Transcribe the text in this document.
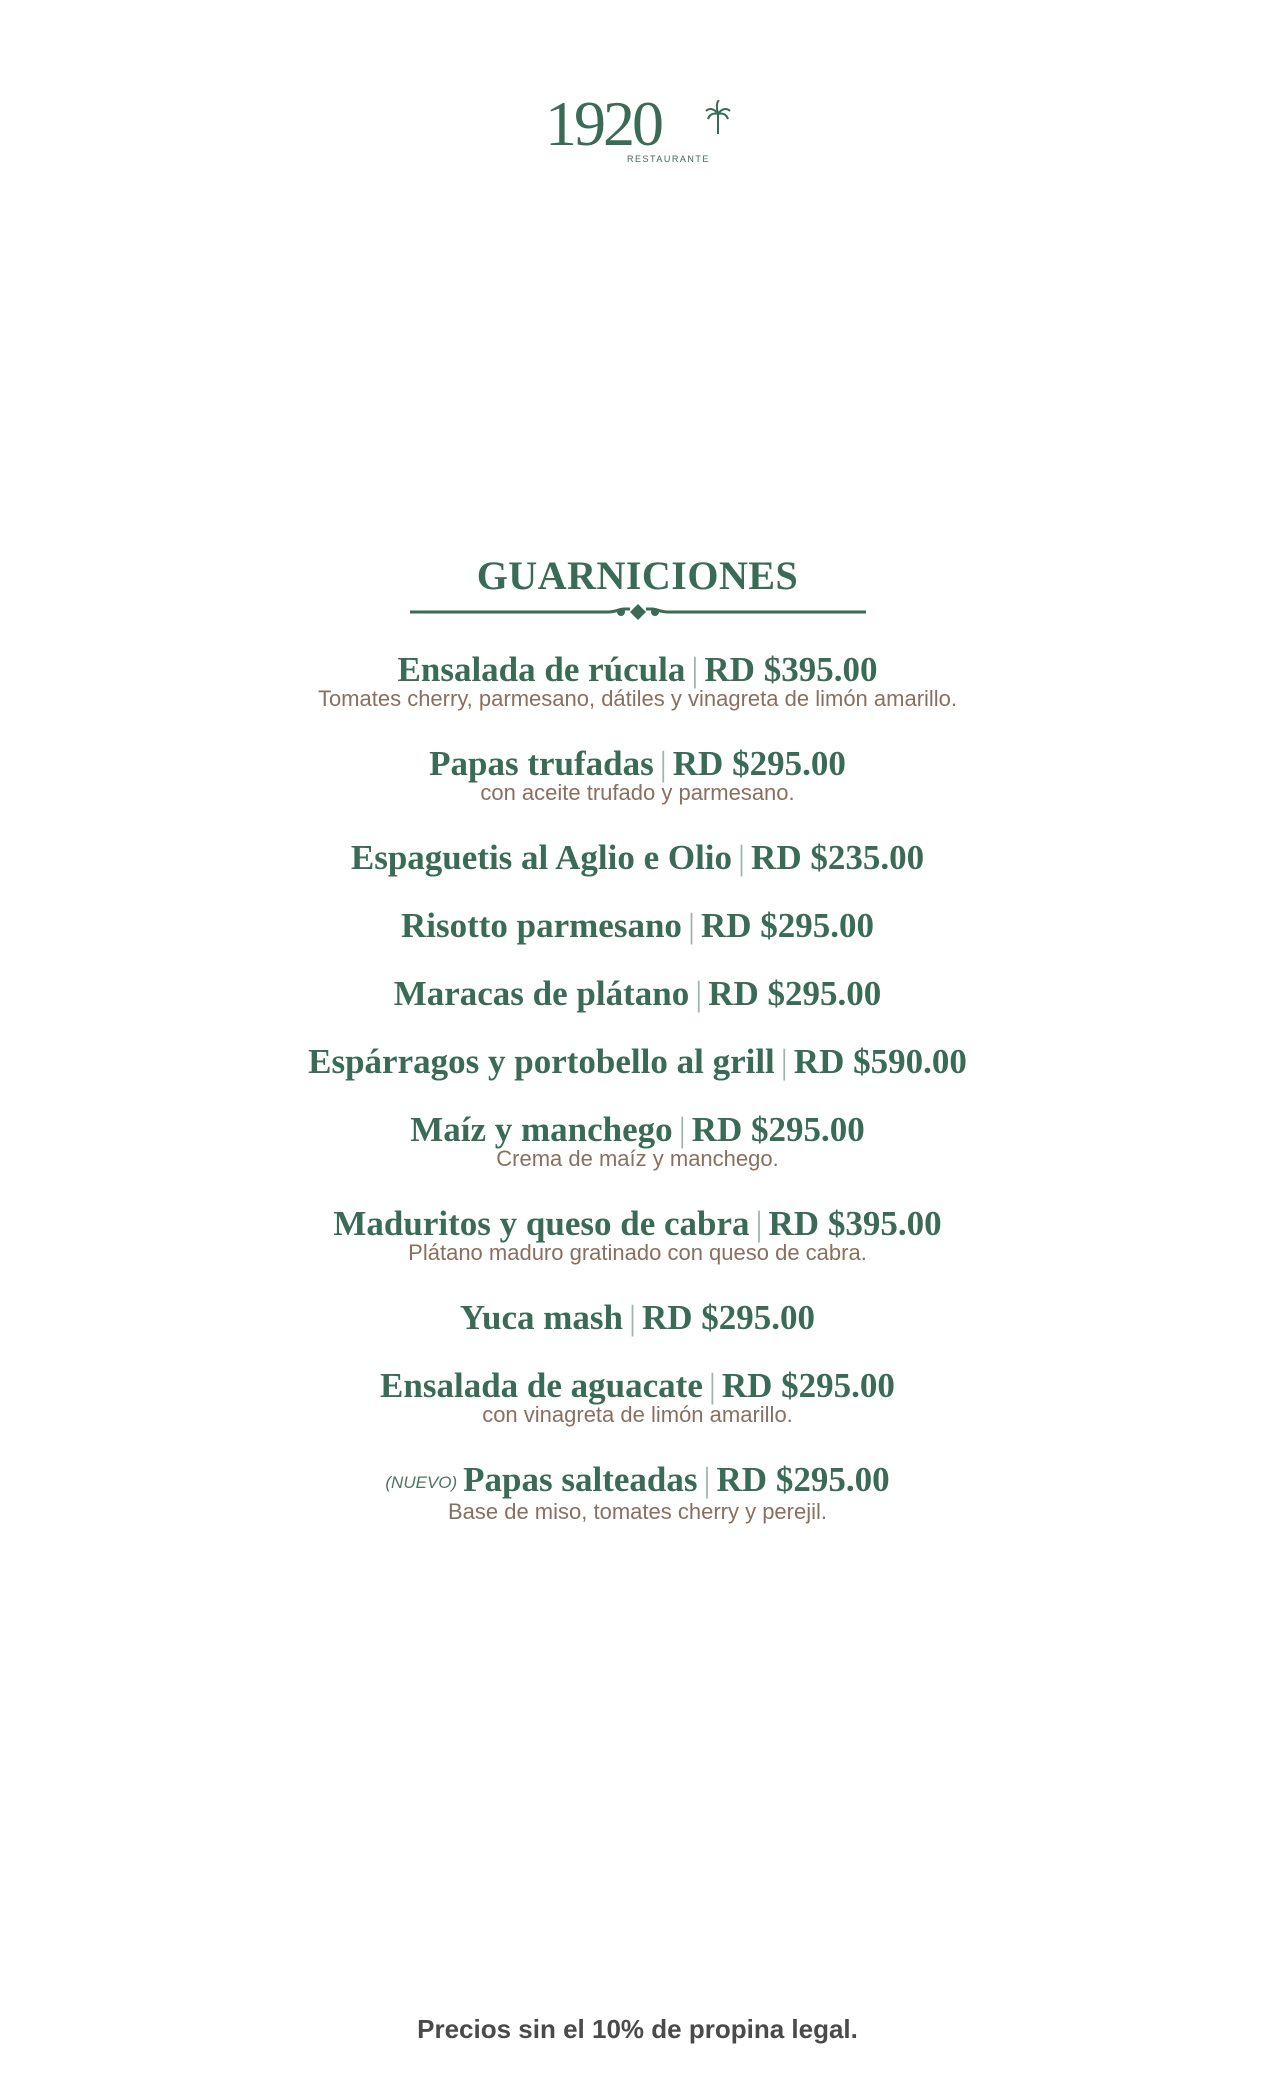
1920
RESTAURANTE
GUARNICIONES
Ensalada de rúcula | RD $395.00
Tomates cherry, parmesano, dátiles y vinagreta de limón amarillo.
Papas trufadas | RD $295.00
con aceite trufado y parmesano.
Espaguetis al Aglio e Olio | RD $235.00
Risotto parmesano | RD $295.00
Maracas de plátano | RD $295.00
Espárragos y portobello al grill | RD $590.00
Maíz y manchego | RD $295.00
Crema de maíz y manchego.
Maduritos y queso de cabra | RD $395.00
Plátano maduro gratinado con queso de cabra.
Yuca mash | RD $295.00
Ensalada de aguacate | RD $295.00
con vinagreta de limón amarillo.
(NUEVO) Papas salteadas | RD $295.00
Base de miso, tomates cherry y perejil.
Precios sin el 10% de propina legal.
